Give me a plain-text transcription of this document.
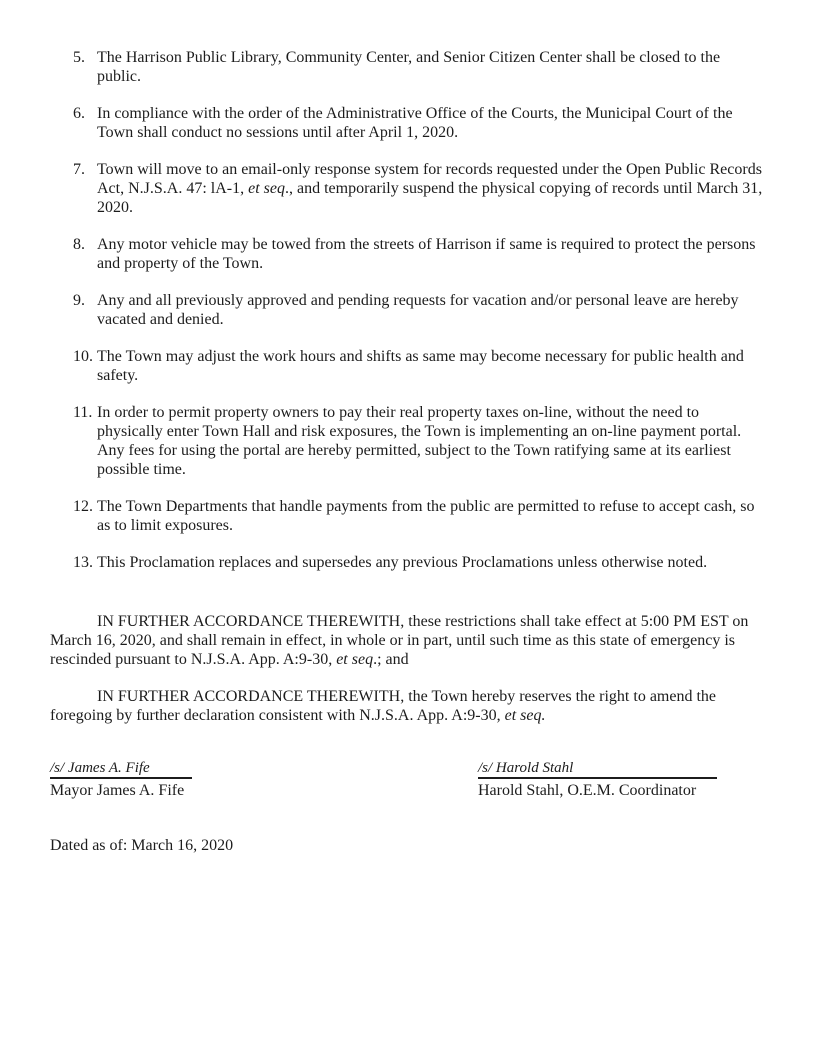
5. The Harrison Public Library, Community Center, and Senior Citizen Center shall be closed to the public.
6. In compliance with the order of the Administrative Office of the Courts, the Municipal Court of the Town shall conduct no sessions until after April 1, 2020.
7. Town will move to an email-only response system for records requested under the Open Public Records Act, N.J.S.A. 47: lA-1, et seq., and temporarily suspend the physical copying of records until March 31, 2020.
8. Any motor vehicle may be towed from the streets of Harrison if same is required to protect the persons and property of the Town.
9. Any and all previously approved and pending requests for vacation and/or personal leave are hereby vacated and denied.
10. The Town may adjust the work hours and shifts as same may become necessary for public health and safety.
11. In order to permit property owners to pay their real property taxes on-line, without the need to physically enter Town Hall and risk exposures, the Town is implementing an on-line payment portal.  Any fees for using the portal are hereby permitted, subject to the Town ratifying same at its earliest possible time.
12. The Town Departments that handle payments from the public are permitted to refuse to accept cash, so as to limit exposures.
13. This Proclamation replaces and supersedes any previous Proclamations unless otherwise noted.

IN FURTHER ACCORDANCE THEREWITH, these restrictions shall take effect at 5:00 PM EST on March 16, 2020, and shall remain in effect, in whole or in part, until such time as this state of emergency is rescinded pursuant to N.J.S.A. App. A:9-30, et seq.; and

IN FURTHER ACCORDANCE THEREWITH, the Town hereby reserves the right to amend the foregoing by further declaration consistent with N.J.S.A. App. A:9-30, et seq.

/s/ James A. Fife
Mayor James A. Fife
/s/ Harold Stahl
Harold Stahl, O.E.M. Coordinator
Dated as of: March 16, 2020
